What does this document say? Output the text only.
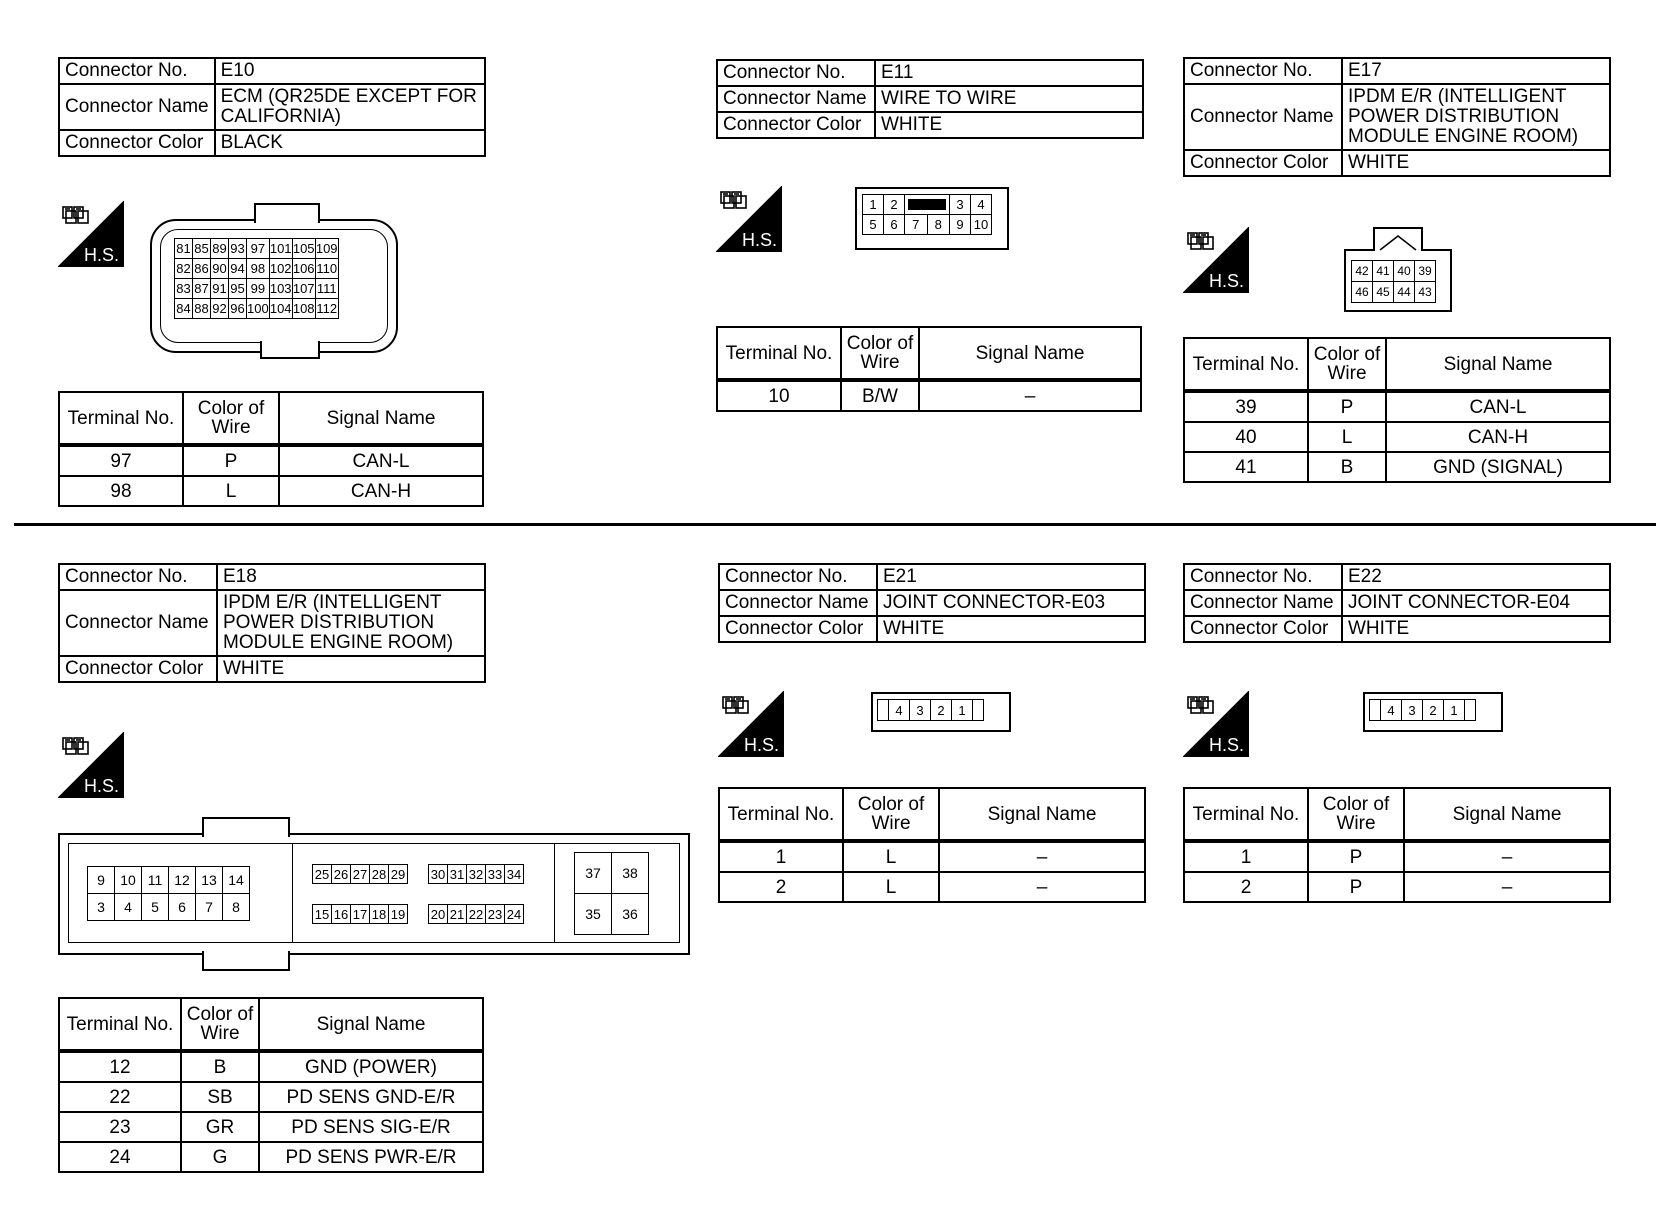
Connector No.	E10
Connector Name	ECM (QR25DE EXCEPT FOR CALIFORNIA)
Connector Color	BLACK
H.S.	81	85	89	93	97	101	105	109
82	86	90	94	98	102	106	110
83	87	91	95	99	103	107	111
84	88	92	96	100	104	108	112
Terminal No.	Color of Wire	Signal Name
97	P	CAN-L
98	L	CAN-H
Connector No.	E11
Connector Name	WIRE TO WIRE
Connector Color	WHITE
H.S.
1	2			3	4
5	6	7	8	9	10
Terminal No.	Color of Wire	Signal Name
10	B/W	–
Connector No.	E17
Connector Name	IPDM E/R (INTELLIGENT POWER DISTRIBUTION MODULE ENGINE ROOM)
Connector Color	WHITE
H.S.	42	41	40	39
46	45	44	43
Terminal No.	Color of Wire	Signal Name
39	P	CAN-L
40	L	CAN-H
41	B	GND (SIGNAL)
Connector No.	E18
Connector Name	IPDM E/R (INTELLIGENT POWER DISTRIBUTION MODULE ENGINE ROOM)
Connector Color	WHITE
H.S.
9	10	11	12	13	14
3	4	5	6	7	8
25	26	27	28	29 30	31	32	33	34
15	16	17	18	19 20	21	22	23	24
37	38
35	36
Terminal No.	Color of Wire	Signal Name
12	B	GND (POWER)
22	SB	PD SENS GND-E/R
23	GR	PD SENS SIG-E/R
24	G	PD SENS PWR-E/R
Connector No.	E21
Connector Name	JOINT CONNECTOR-E03
Connector Color	WHITE
H.S.
	4	3	2	1	
Terminal No.	Color of Wire	Signal Name
1	L	–
2	L	–
Connector No.	E22
Connector Name	JOINT CONNECTOR-E04
Connector Color	WHITE
H.S.
	4	3	2	1	
Terminal No.	Color of Wire	Signal Name
1	P	–
2	P	–
